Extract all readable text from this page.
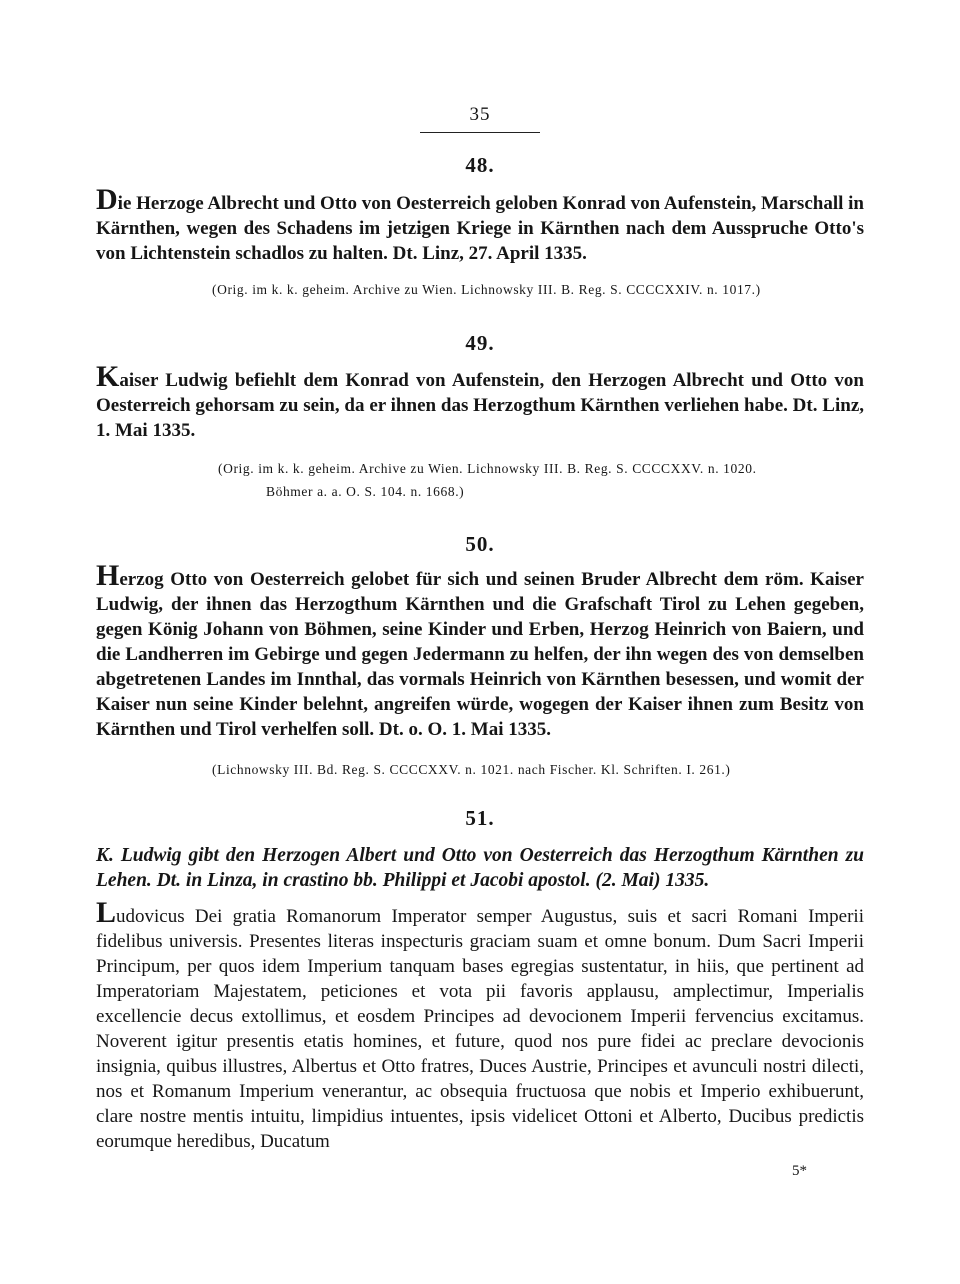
35
48.
Die Herzoge Albrecht und Otto von Oesterreich geloben Konrad von Aufenstein, Marschall in Kärnthen, wegen des Schadens im jetzigen Kriege in Kärnthen nach dem Ausspruche Otto's von Lichtenstein schadlos zu halten. Dt. Linz, 27. April 1335.
(Orig. im k. k. geheim. Archive zu Wien. Lichnowsky III. B. Reg. S. CCCCXXIV. n. 1017.)
49.
Kaiser Ludwig befiehlt dem Konrad von Aufenstein, den Herzogen Albrecht und Otto von Oesterreich gehorsam zu sein, da er ihnen das Herzogthum Kärnthen verliehen habe. Dt. Linz, 1. Mai 1335.
(Orig. im k. k. geheim. Archive zu Wien. Lichnowsky III. B. Reg. S. CCCCXXV. n. 1020.
Böhmer a. a. O. S. 104. n. 1668.)
50.
Herzog Otto von Oesterreich gelobet für sich und seinen Bruder Albrecht dem röm. Kaiser Ludwig, der ihnen das Herzogthum Kärnthen und die Grafschaft Tirol zu Lehen gegeben, gegen König Johann von Böhmen, seine Kinder und Erben, Herzog Heinrich von Baiern, und die Landherren im Gebirge und gegen Jedermann zu helfen, der ihn wegen des von demselben abgetretenen Landes im Innthal, das vormals Heinrich von Kärnthen besessen, und womit der Kaiser nun seine Kinder belehnt, angreifen würde, wogegen der Kaiser ihnen zum Besitz von Kärnthen und Tirol verhelfen soll. Dt. o. O. 1. Mai 1335.
(Lichnowsky III. Bd. Reg. S. CCCCXXV. n. 1021. nach Fischer. Kl. Schriften. I. 261.)
51.
K. Ludwig gibt den Herzogen Albert und Otto von Oesterreich das Herzogthum Kärnthen zu Lehen. Dt. in Linza, in crastino bb. Philippi et Jacobi apostol. (2. Mai) 1335.
Ludovicus Dei gratia Romanorum Imperator semper Augustus, suis et sacri Romani Imperii fidelibus universis. Presentes literas inspecturis graciam suam et omne bonum. Dum Sacri Imperii Principum, per quos idem Imperium tanquam bases egregias sustentatur, in hiis, que pertinent ad Imperatoriam Majestatem, peticiones et vota pii favoris applausu, amplectimur, Imperialis excellencie decus extollimus, et eosdem Principes ad devocionem Imperii fervencius excitamus. Noverent igitur presentis etatis homines, et future, quod nos pure fidei ac preclare devocionis insignia, quibus illustres, Albertus et Otto fratres, Duces Austrie, Principes et avunculi nostri dilecti, nos et Romanum Imperium venerantur, ac obsequia fructuosa que nobis et Imperio exhibuerunt, clare nostre mentis intuitu, limpidius intuentes, ipsis videlicet Ottoni et Alberto, Ducibus predictis eorumque heredibus, Ducatum
5*
